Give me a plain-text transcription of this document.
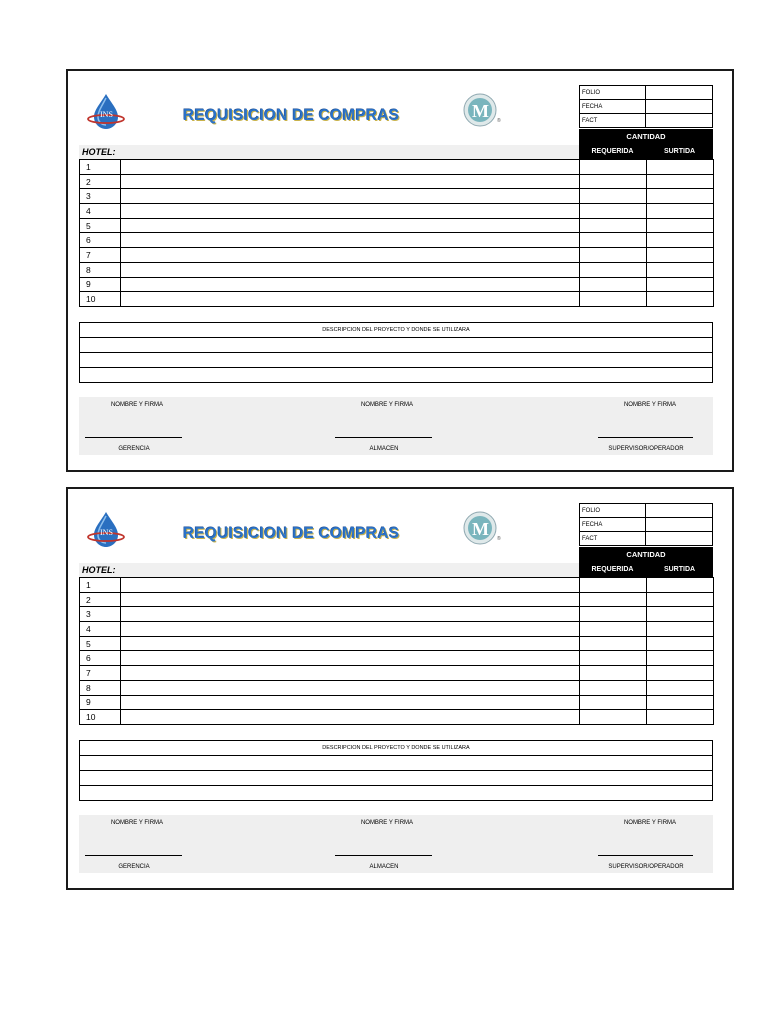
INS	REQUISICION DE COMPRAS	M ®
FOLIO	
FECHA	
FACT	
CANTIDAD
HOTEL:	REQUERIDA	SURTIDA
1			
2			
3			
4			
5			
6			
7			
8			
9			
10			
DESCRIPCION DEL PROYECTO Y DONDE SE UTILIZARA

NOMBRE Y FIRMA	NOMBRE Y FIRMA	NOMBRE Y FIRMA
GERENCIA	ALMACEN	SUPERVISOR/OPERADOR
INS	REQUISICION DE COMPRAS	M ®
FOLIO	
FECHA	
FACT	
CANTIDAD
HOTEL:	REQUERIDA	SURTIDA
1			
2			
3			
4			
5			
6			
7			
8			
9			
10			
DESCRIPCION DEL PROYECTO Y DONDE SE UTILIZARA

NOMBRE Y FIRMA	NOMBRE Y FIRMA	NOMBRE Y FIRMA
GERENCIA	ALMACEN	SUPERVISOR/OPERADOR
